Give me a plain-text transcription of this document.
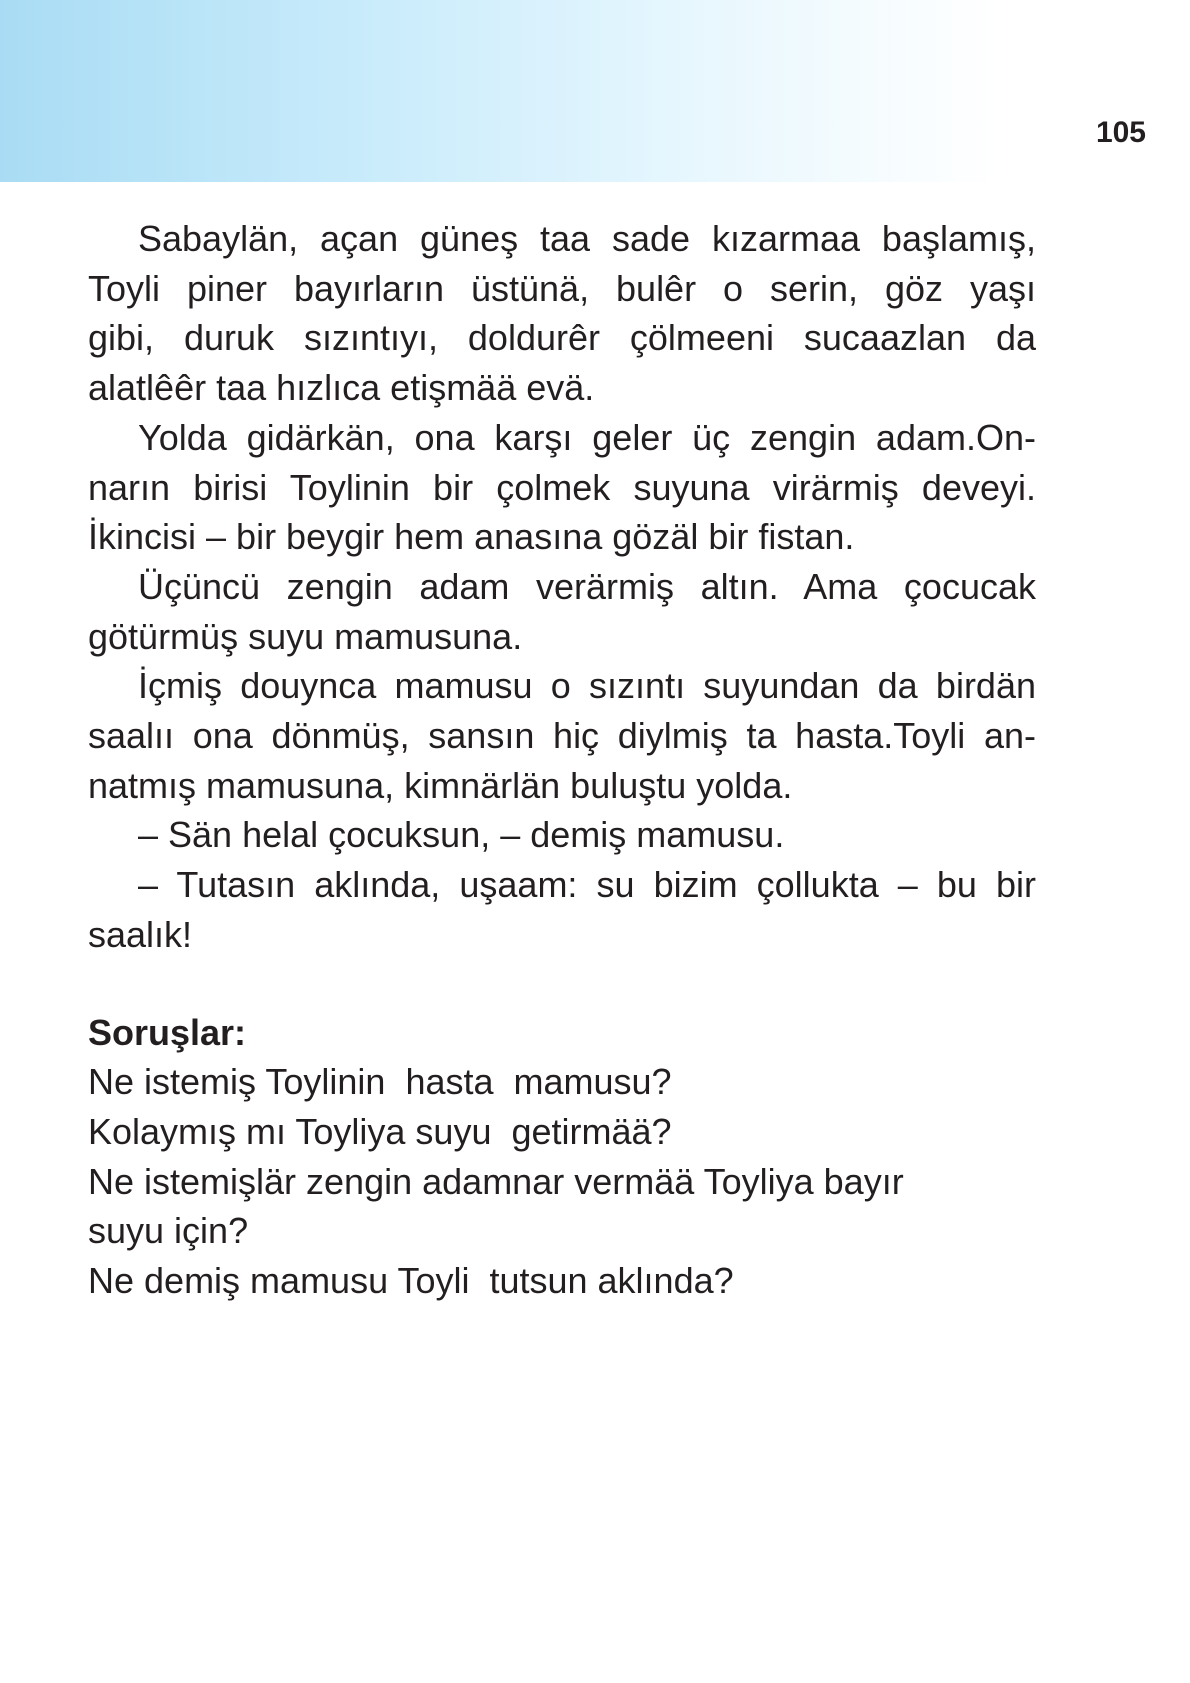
105
Sabaylän, açan güneş taa sade kızarmaa başlamış,
Toyli piner bayırların üstünä, bulêr o serin, göz yaşı
gibi, duruk sızıntıyı, doldurêr çölmeeni sucaazlan da
alatlêêr taa hızlıca etişmää evä.
Yolda gidärkän, ona karşı geler üç zengin adam.On-
narın birisi Toylinin bir çolmek suyuna virärmiş deveyi.
İkincisi – bir beygir hem anasına gözäl bir fistan.
Üçüncü zengin adam verärmiş altın. Ama çocucak
götürmüş suyu mamusuna.
İçmiş douynca mamusu o sızıntı suyundan da birdän
saalıı ona dönmüş, sansın hiç diylmiş ta hasta.Toyli an-
natmış mamusuna, kimnärlän buluştu yolda.
– Sän helal çocuksun, – demiş mamusu.
– Tutasın aklında, uşaam: su bizim çollukta – bu bir
saalık!
Soruşlar:
Ne istemiş Toylinin  hasta  mamusu?
Kolaymış mı Toyliya suyu  getirmää?
Ne istemişlär zengin adamnar vermää Toyliya bayır
suyu için?
Ne demiş mamusu Toyli  tutsun aklında?
